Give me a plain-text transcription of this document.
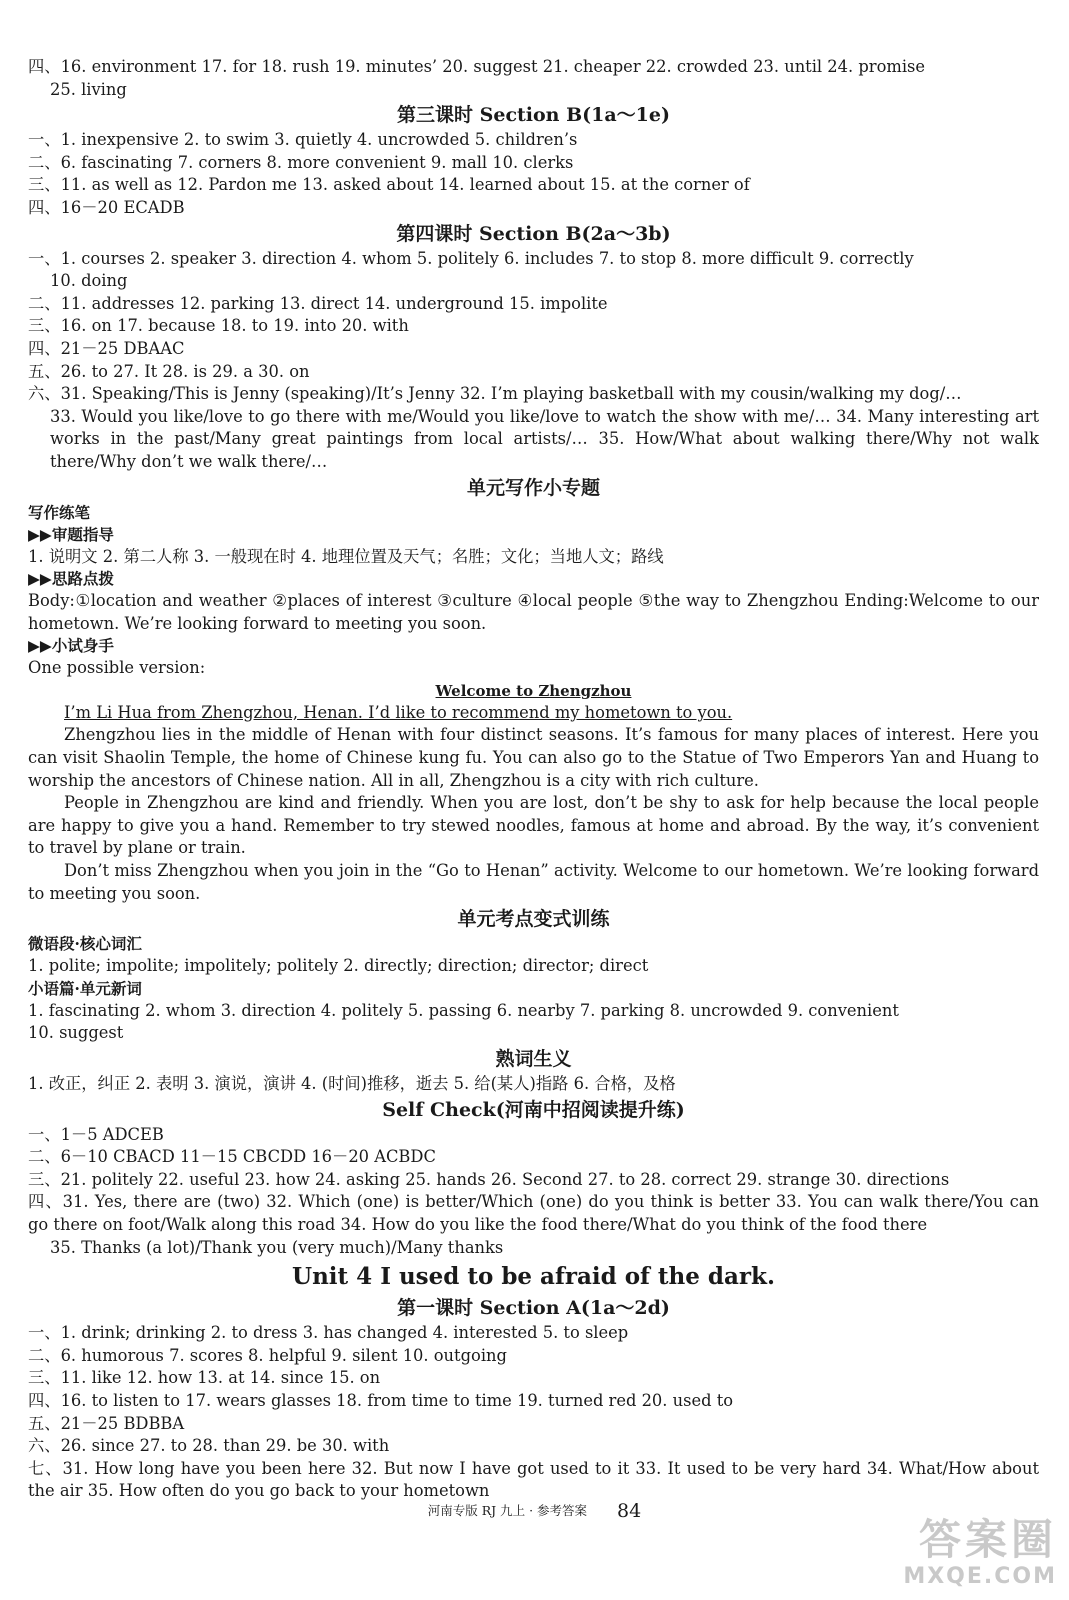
四、16. environment 17. for 18. rush 19. minutes’ 20. suggest 21. cheaper 22. crowded 23. until 24. promise
25. living
第三课时 Section B(1a～1e)
一、1. inexpensive 2. to swim 3. quietly 4. uncrowded 5. children’s
二、6. fascinating 7. corners 8. more convenient 9. mall 10. clerks
三、11. as well as 12. Pardon me 13. asked about 14. learned about 15. at the corner of
四、16－20 ECADB
第四课时 Section B(2a～3b)
一、1. courses 2. speaker 3. direction 4. whom 5. politely 6. includes 7. to stop 8. more difficult 9. correctly
10. doing
二、11. addresses 12. parking 13. direct 14. underground 15. impolite
三、16. on 17. because 18. to 19. into 20. with
四、21－25 DBAAC
五、26. to 27. It 28. is 29. a 30. on
六、31. Speaking/This is Jenny (speaking)/It’s Jenny 32. I’m playing basketball with my cousin/walking my dog/…
33. Would you like/love to go there with me/Would you like/love to watch the show with me/… 34. Many interesting art works in the past/Many great paintings from local artists/… 35. How/What about walking there/Why not walk there/Why don’t we walk there/…
单元写作小专题
写作练笔
▶▶审题指导
1. 说明文 2. 第二人称 3. 一般现在时 4. 地理位置及天气；名胜；文化；当地人文；路线
▶▶思路点拨
Body:①location and weather ②places of interest ③culture ④local people ⑤the way to Zhengzhou Ending:Welcome to our hometown. We’re looking forward to meeting you soon.
▶▶小试身手
One possible version:
Welcome to Zhengzhou
I’m Li Hua from Zhengzhou, Henan. I’d like to recommend my hometown to you.
Zhengzhou lies in the middle of Henan with four distinct seasons. It’s famous for many places of interest. Here you can visit Shaolin Temple, the home of Chinese kung fu. You can also go to the Statue of Two Emperors Yan and Huang to worship the ancestors of Chinese nation. All in all, Zhengzhou is a city with rich culture.
People in Zhengzhou are kind and friendly. When you are lost, don’t be shy to ask for help because the local people are happy to give you a hand. Remember to try stewed noodles, famous at home and abroad. By the way, it’s convenient to travel by plane or train.
Don’t miss Zhengzhou when you join in the “Go to Henan” activity. Welcome to our hometown. We’re looking forward to meeting you soon.
单元考点变式训练
微语段·核心词汇
1. polite; impolite; impolitely; politely 2. directly; direction; director; direct
小语篇·单元新词
1. fascinating 2. whom 3. direction 4. politely 5. passing 6. nearby 7. parking 8. uncrowded 9. convenient
10. suggest
熟词生义
1. 改正，纠正 2. 表明 3. 演说，演讲 4. (时间)推移，逝去 5. 给(某人)指路 6. 合格，及格
Self Check(河南中招阅读提升练)
一、1－5 ADCEB
二、6－10 CBACD 11－15 CBCDD 16－20 ACBDC
三、21. politely 22. useful 23. how 24. asking 25. hands 26. Second 27. to 28. correct 29. strange 30. directions
四、31. Yes, there are (two) 32. Which (one) is better/Which (one) do you think is better 33. You can walk there/You can go there on foot/Walk along this road 34. How do you like the food there/What do you think of the food there
35. Thanks (a lot)/Thank you (very much)/Many thanks
Unit 4 I used to be afraid of the dark.
第一课时 Section A(1a～2d)
一、1. drink; drinking 2. to dress 3. has changed 4. interested 5. to sleep
二、6. humorous 7. scores 8. helpful 9. silent 10. outgoing
三、11. like 12. how 13. at 14. since 15. on
四、16. to listen to 17. wears glasses 18. from time to time 19. turned red 20. used to
五、21－25 BDBBA
六、26. since 27. to 28. than 29. be 30. with
七、31. How long have you been here 32. But now I have got used to it 33. It used to be very hard 34. What/How about the air 35. How often do you go back to your hometown
河南专版 RJ 九上 · 参考答案 84
答案圈
MXQE.COM
